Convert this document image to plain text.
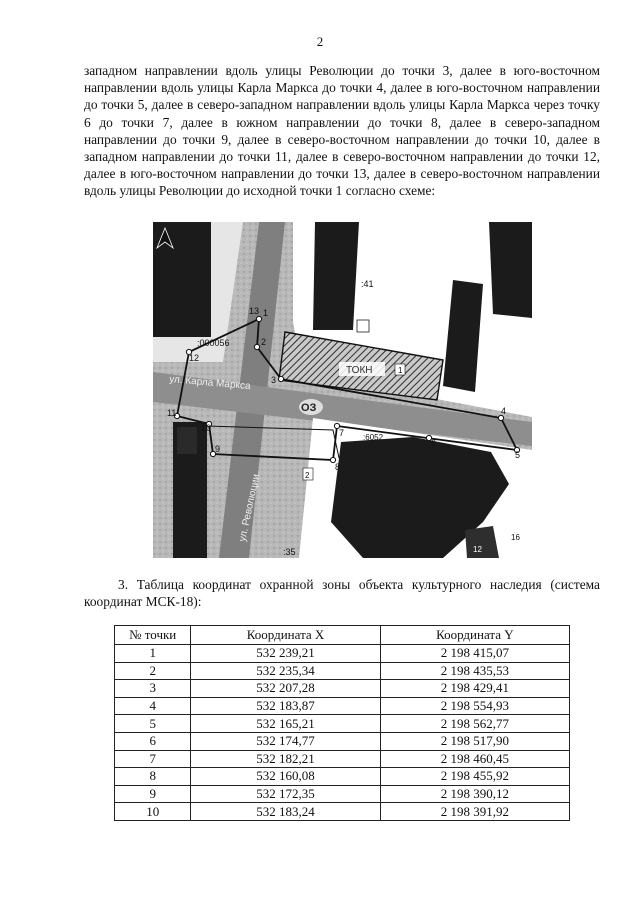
2

западном направлении вдоль улицы Революции до точки 3, далее в юго-восточном направлении вдоль улицы Карла Маркса до точки 4, далее в юго-восточном направлении до точки 5, далее в северо-западном направлении вдоль улицы Карла Маркса через точку 6 до точки 7, далее в южном направлении до точки 8, далее в северо-западном направлении до точки 9, далее в северо-восточном направлении до точки 10, далее в западном направлении до точки 11, далее в северо-восточном направлении до точки 12, далее в юго-восточном направлении до точки 13, далее в северо-восточном направлении вдоль улицы Революции до исходной точки 1 согласно схеме:

ТОКН	1
1
2
3
4
5
6
7
8
9
10
11
12
13
ОЗ
:41
:000056
:6052
:35
2
12
16
ул. Карла Маркса
ул. Революции

3. Таблица координат охранной зоны объекта культурного наследия (система координат МСК-18):

№ точки	Координата X	Координата Y
1	532 239,21	2 198 415,07
2	532 235,34	2 198 435,53
3	532 207,28	2 198 429,41
4	532 183,87	2 198 554,93
5	532 165,21	2 198 562,77
6	532 174,77	2 198 517,90
7	532 182,21	2 198 460,45
8	532 160,08	2 198 455,92
9	532 172,35	2 198 390,12
10	532 183,24	2 198 391,92
